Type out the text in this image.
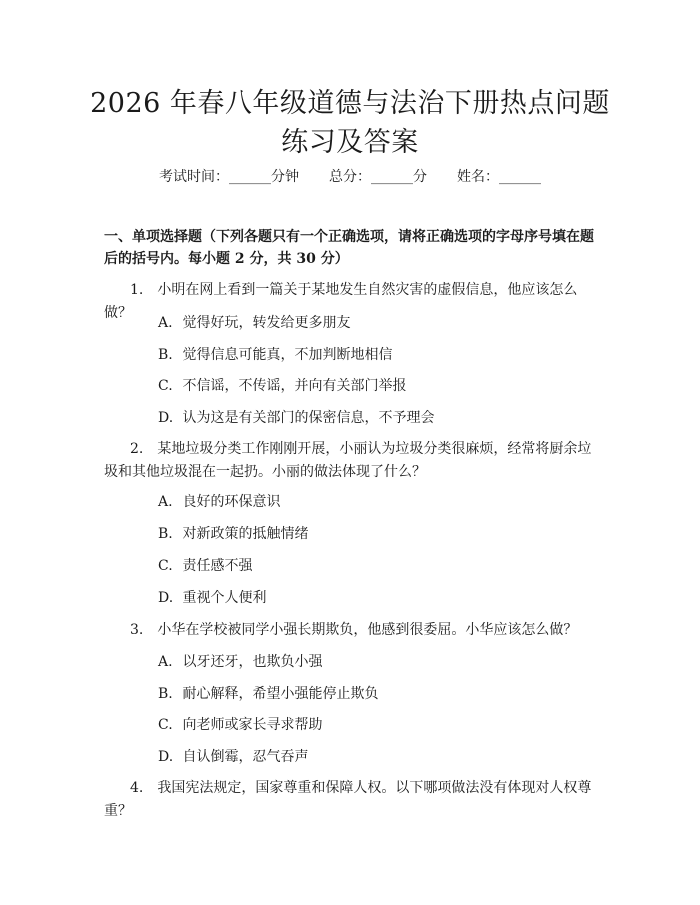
2026 年春八年级道德与法治下册热点问题练习及答案
考试时间：______分钟 总分：______分 姓名：______

一、单项选择题（下列各题只有一个正确选项，请将正确选项的字母序号填在题后的括号内。每小题 2 分，共 30 分）

1.　小明在网上看到一篇关于某地发生自然灾害的虚假信息，他应该怎么做？

A. 觉得好玩，转发给更多朋友
B. 觉得信息可能真，不加判断地相信
C. 不信谣，不传谣，并向有关部门举报
D. 认为这是有关部门的保密信息，不予理会

2.　某地垃圾分类工作刚刚开展，小丽认为垃圾分类很麻烦，经常将厨余垃圾和其他垃圾混在一起扔。小丽的做法体现了什么？

A. 良好的环保意识
B. 对新政策的抵触情绪
C. 责任感不强
D. 重视个人便利

3.　小华在学校被同学小强长期欺负，他感到很委屈。小华应该怎么做？

A. 以牙还牙，也欺负小强
B. 耐心解释，希望小强能停止欺负
C. 向老师或家长寻求帮助
D. 自认倒霉，忍气吞声

4.　我国宪法规定，国家尊重和保障人权。以下哪项做法没有体现对人权尊重？
